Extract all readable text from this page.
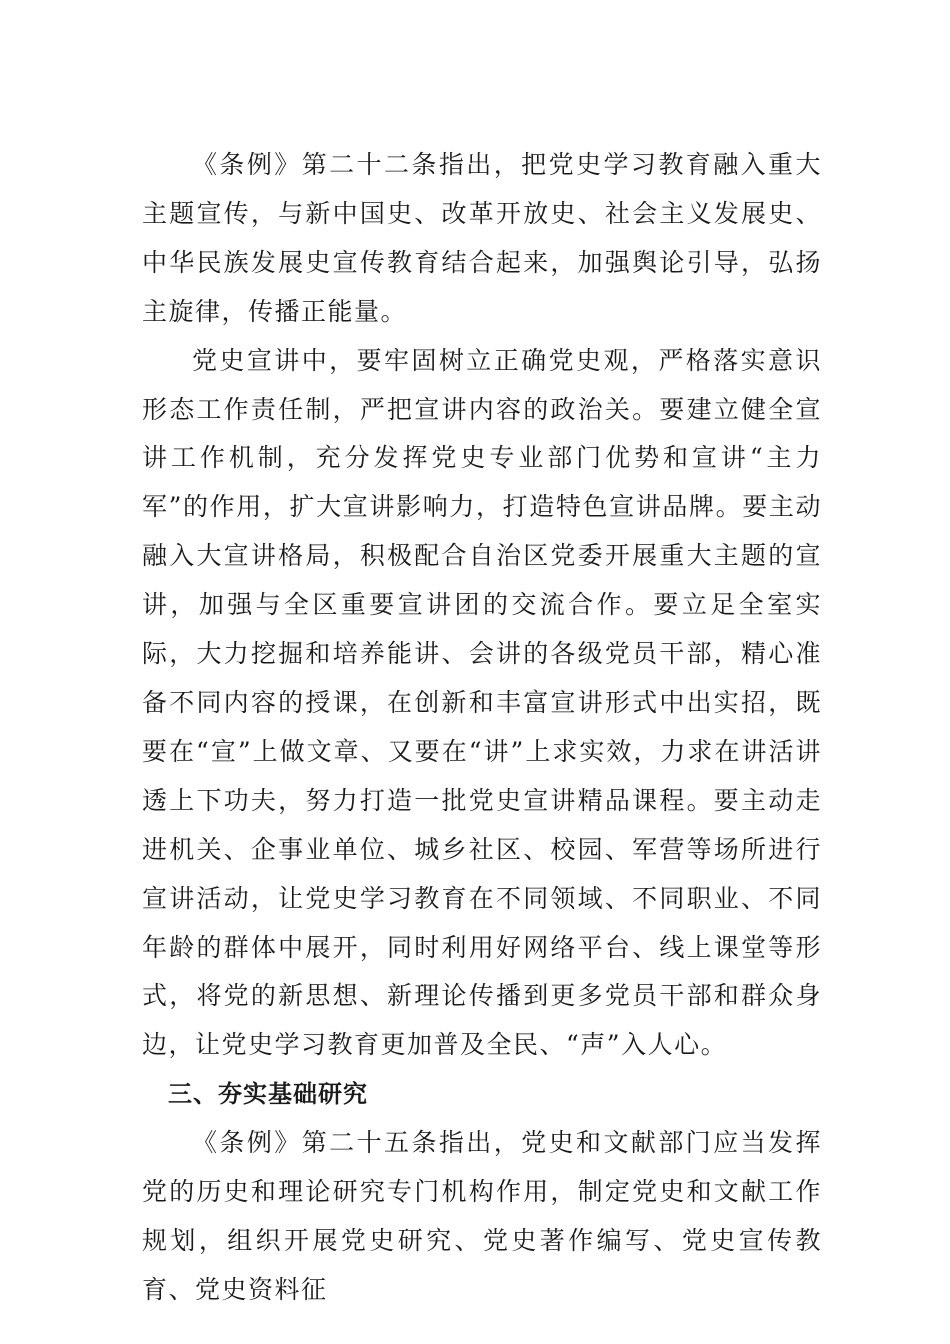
《条例》第二十二条指出，把党史学习教育融入重大主题宣传，与新中国史、改革开放史、社会主义发展史、中华民族发展史宣传教育结合起来，加强舆论引导，弘扬主旋律，传播正能量。

党史宣讲中，要牢固树立正确党史观，严格落实意识形态工作责任制，严把宣讲内容的政治关。要建立健全宣讲工作机制，充分发挥党史专业部门优势和宣讲“主力军”的作用，扩大宣讲影响力，打造特色宣讲品牌。要主动融入大宣讲格局，积极配合自治区党委开展重大主题的宣讲，加强与全区重要宣讲团的交流合作。要立足全室实际，大力挖掘和培养能讲、会讲的各级党员干部，精心准备不同内容的授课，在创新和丰富宣讲形式中出实招，既要在“宣”上做文章、又要在“讲”上求实效，力求在讲活讲透上下功夫，努力打造一批党史宣讲精品课程。要主动走进机关、企事业单位、城乡社区、校园、军营等场所进行宣讲活动，让党史学习教育在不同领域、不同职业、不同年龄的群体中展开，同时利用好网络平台、线上课堂等形式，将党的新思想、新理论传播到更多党员干部和群众身边，让党史学习教育更加普及全民、“声”入人心。

三、夯实基础研究

《条例》第二十五条指出，党史和文献部门应当发挥党的历史和理论研究专门机构作用，制定党史和文献工作规划，组织开展党史研究、党史著作编写、党史宣传教育、党史资料征
